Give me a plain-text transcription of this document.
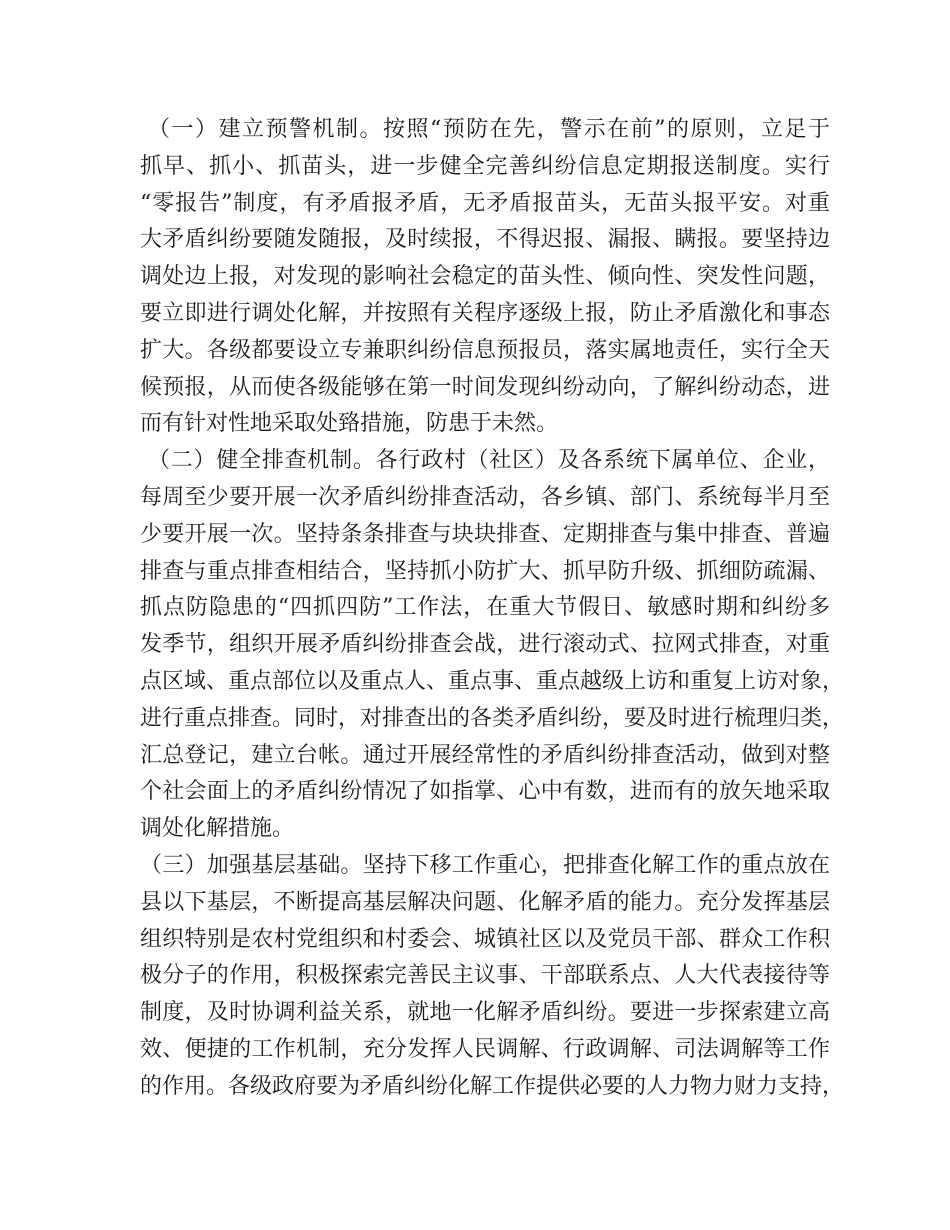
（一）建立预警机制。按照“预防在先，警示在前”的原则，立足于
抓早、抓小、抓苗头，进一步健全完善纠纷信息定期报送制度。实行
“零报告”制度，有矛盾报矛盾，无矛盾报苗头，无苗头报平安。对重
大矛盾纠纷要随发随报，及时续报，不得迟报、漏报、瞒报。要坚持边
调处边上报，对发现的影响社会稳定的苗头性、倾向性、突发性问题，
要立即进行调处化解，并按照有关程序逐级上报，防止矛盾激化和事态
扩大。各级都要设立专兼职纠纷信息预报员，落实属地责任，实行全天
候预报，从而使各级能够在第一时间发现纠纷动向，了解纠纷动态，进
而有针对性地采取处臵措施，防患于未然。
（二）健全排查机制。各行政村（社区）及各系统下属单位、企业，
每周至少要开展一次矛盾纠纷排查活动，各乡镇、部门、系统每半月至
少要开展一次。坚持条条排查与块块排查、定期排查与集中排查、普遍
排查与重点排查相结合，坚持抓小防扩大、抓早防升级、抓细防疏漏、
抓点防隐患的“四抓四防”工作法，在重大节假日、敏感时期和纠纷多
发季节，组织开展矛盾纠纷排查会战，进行滚动式、拉网式排查，对重
点区域、重点部位以及重点人、重点事、重点越级上访和重复上访对象，
进行重点排查。同时，对排查出的各类矛盾纠纷，要及时进行梳理归类，
汇总登记，建立台帐。通过开展经常性的矛盾纠纷排查活动，做到对整
个社会面上的矛盾纠纷情况了如指掌、心中有数，进而有的放矢地采取
调处化解措施。
（三）加强基层基础。坚持下移工作重心，把排查化解工作的重点放在
县以下基层，不断提高基层解决问题、化解矛盾的能力。充分发挥基层
组织特别是农村党组织和村委会、城镇社区以及党员干部、群众工作积
极分子的作用，积极探索完善民主议事、干部联系点、人大代表接待等
制度，及时协调利益关系，就地一化解矛盾纠纷。要进一步探索建立高
效、便捷的工作机制，充分发挥人民调解、行政调解、司法调解等工作
的作用。各级政府要为矛盾纠纷化解工作提供必要的人力物力财力支持，
